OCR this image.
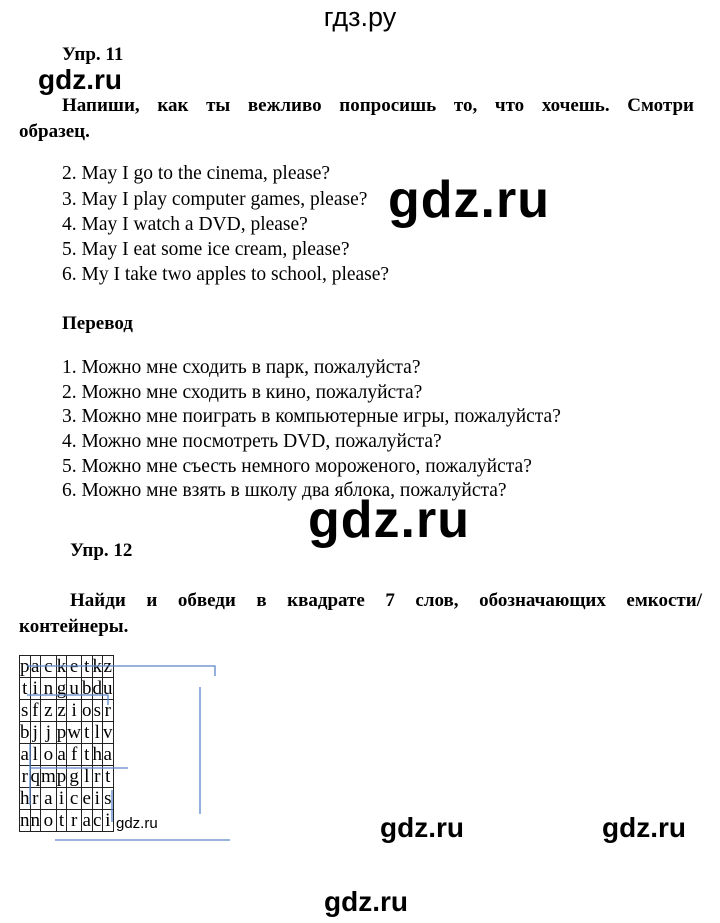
гдз.ру
Упр. 11
gdz.ru
Напиши, как ты вежливо попросишь то, что хочешь. Смотри
образец.
2. May I go to the cinema, please?
3. May I play computer games, please?
4. May I watch a DVD, please?
5. May I eat some ice cream, please?
6. My I take two apples to school, please?
gdz.ru
Перевод
1. Можно мне сходить в парк, пожалуйста?
2. Можно мне сходить в кино, пожалуйста?
3. Можно мне поиграть в компьютерные игры, пожалуйста?
4. Можно мне посмотреть DVD, пожалуйста?
5. Можно мне съесть немного мороженого, пожалуйста?
6. Можно мне взять в школу два яблока, пожалуйста?
gdz.ru
Упр. 12
Найди и обведи в квадрате 7 слов, обозначающих емкости/
контейнеры.
p	a	c	k	e	t	k	z
t	i	n	g	u	b	d	u
s	f	z	z	i	o	s	r
b	j	j	p	w	t	l	v
a	l	o	a	f	t	h	a
r	q	m	p	g	l	r	t
h	r	a	i	c	e	i	s
n	n	o	t	r	a	c	i gdz.ru	gdz.ru	gdz.ru
gdz.ru
